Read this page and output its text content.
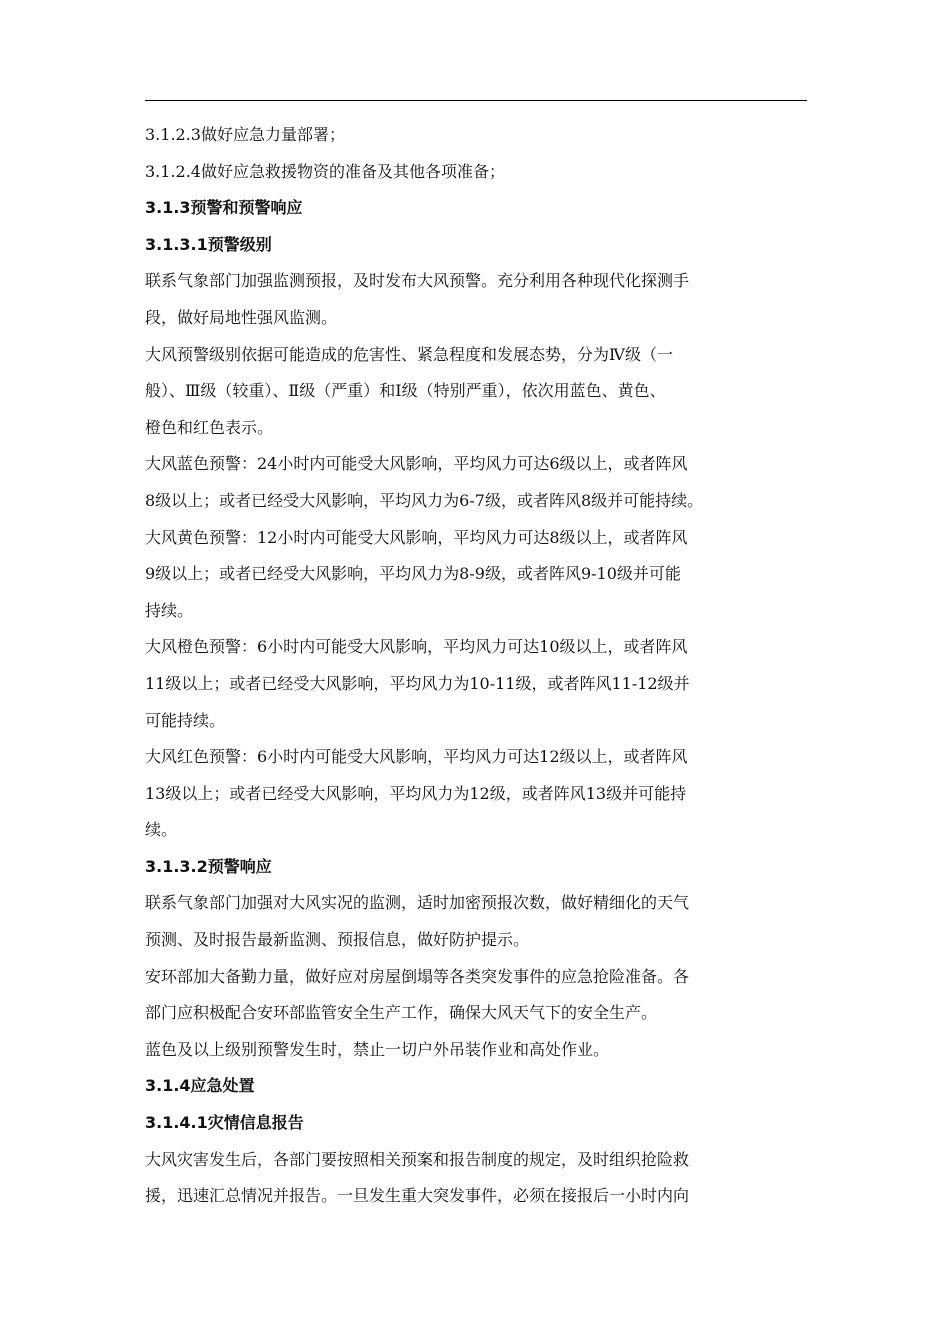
3.1.2.3做好应急力量部署；
3.1.2.4做好应急救援物资的准备及其他各项准备；
3.1.3预警和预警响应
3.1.3.1预警级别
联系气象部门加强监测预报，及时发布大风预警。充分利用各种现代化探测手
段，做好局地性强风监测。
大风预警级别依据可能造成的危害性、紧急程度和发展态势，分为Ⅳ级（一
般）、Ⅲ级（较重）、Ⅱ级（严重）和Ⅰ级（特别严重），依次用蓝色、黄色、
橙色和红色表示。
大风蓝色预警：24小时内可能受大风影响，平均风力可达6级以上，或者阵风
8级以上；或者已经受大风影响，平均风力为6-7级，或者阵风8级并可能持续。
大风黄色预警：12小时内可能受大风影响，平均风力可达8级以上，或者阵风
9级以上；或者已经受大风影响，平均风力为8-9级，或者阵风9-10级并可能
持续。
大风橙色预警：6小时内可能受大风影响，平均风力可达10级以上，或者阵风
11级以上；或者已经受大风影响，平均风力为10-11级，或者阵风11-12级并
可能持续。
大风红色预警：6小时内可能受大风影响，平均风力可达12级以上，或者阵风
13级以上；或者已经受大风影响，平均风力为12级，或者阵风13级并可能持
续。
3.1.3.2预警响应
联系气象部门加强对大风实况的监测，适时加密预报次数，做好精细化的天气
预测、及时报告最新监测、预报信息，做好防护提示。
安环部加大备勤力量，做好应对房屋倒塌等各类突发事件的应急抢险准备。各
部门应积极配合安环部监管安全生产工作，确保大风天气下的安全生产。
蓝色及以上级别预警发生时，禁止一切户外吊装作业和高处作业。
3.1.4应急处置
3.1.4.1灾情信息报告
大风灾害发生后，各部门要按照相关预案和报告制度的规定，及时组织抢险救
援，迅速汇总情况并报告。一旦发生重大突发事件，必须在接报后一小时内向
